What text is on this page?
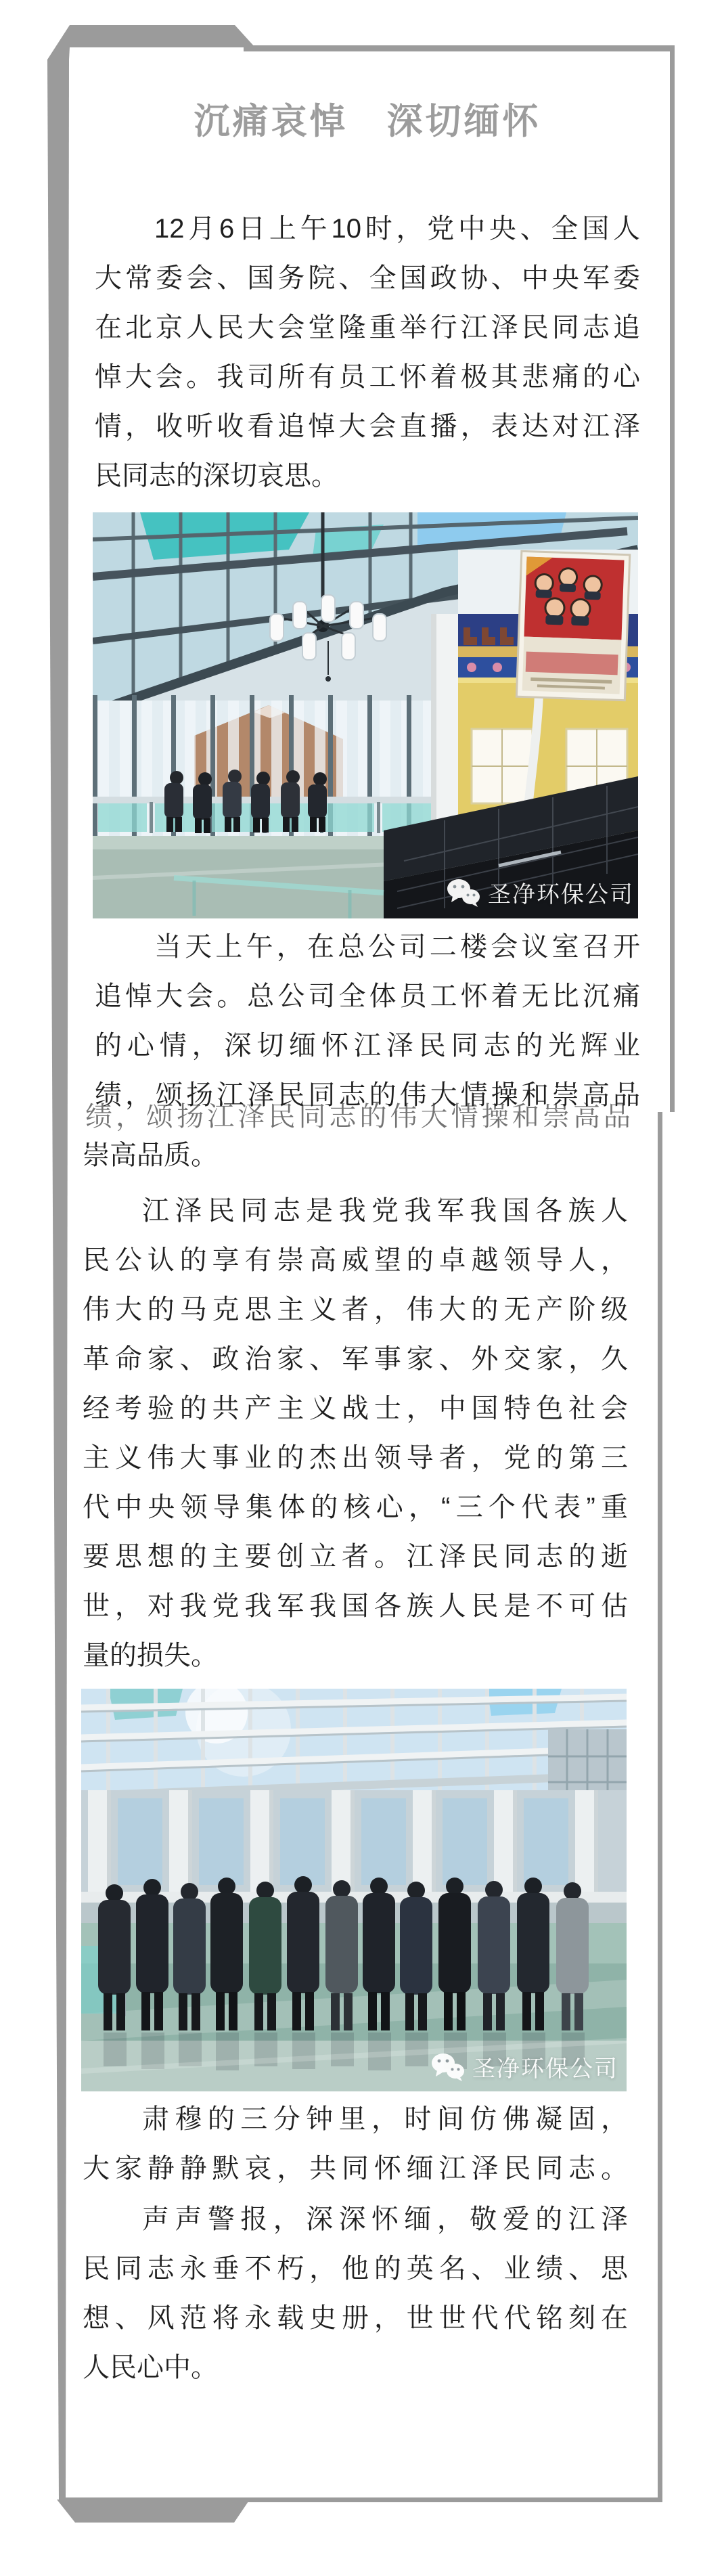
沉痛哀悼　深切缅怀
12月6日上午10时，党中央、全国人
大常委会、国务院、全国政协、中央军委
在北京人民大会堂隆重举行江泽民同志追
悼大会。我司所有员工怀着极其悲痛的心
情，收听收看追悼大会直播，表达对江泽
民同志的深切哀思。
圣净环保公司
当天上午，在总公司二楼会议室召开
追悼大会。总公司全体员工怀着无比沉痛
的心情，深切缅怀江泽民同志的光辉业
绩，颂扬江泽民同志的伟大情操和崇高品
绩，颂扬江泽民同志的伟大情操和崇高品
崇高品质。
江泽民同志是我党我军我国各族人
民公认的享有崇高威望的卓越领导人，
伟大的马克思主义者，伟大的无产阶级
革命家、政治家、军事家、外交家，久
经考验的共产主义战士，中国特色社会
主义伟大事业的杰出领导者，党的第三
代中央领导集体的核心，“三个代表”重
要思想的主要创立者。江泽民同志的逝
世，对我党我军我国各族人民是不可估
量的损失。
圣净环保公司
肃穆的三分钟里，时间仿佛凝固，
大家静静默哀，共同怀缅江泽民同志。
声声警报，深深怀缅，敬爱的江泽
民同志永垂不朽，他的英名、业绩、思
想、风范将永载史册，世世代代铭刻在
人民心中。
